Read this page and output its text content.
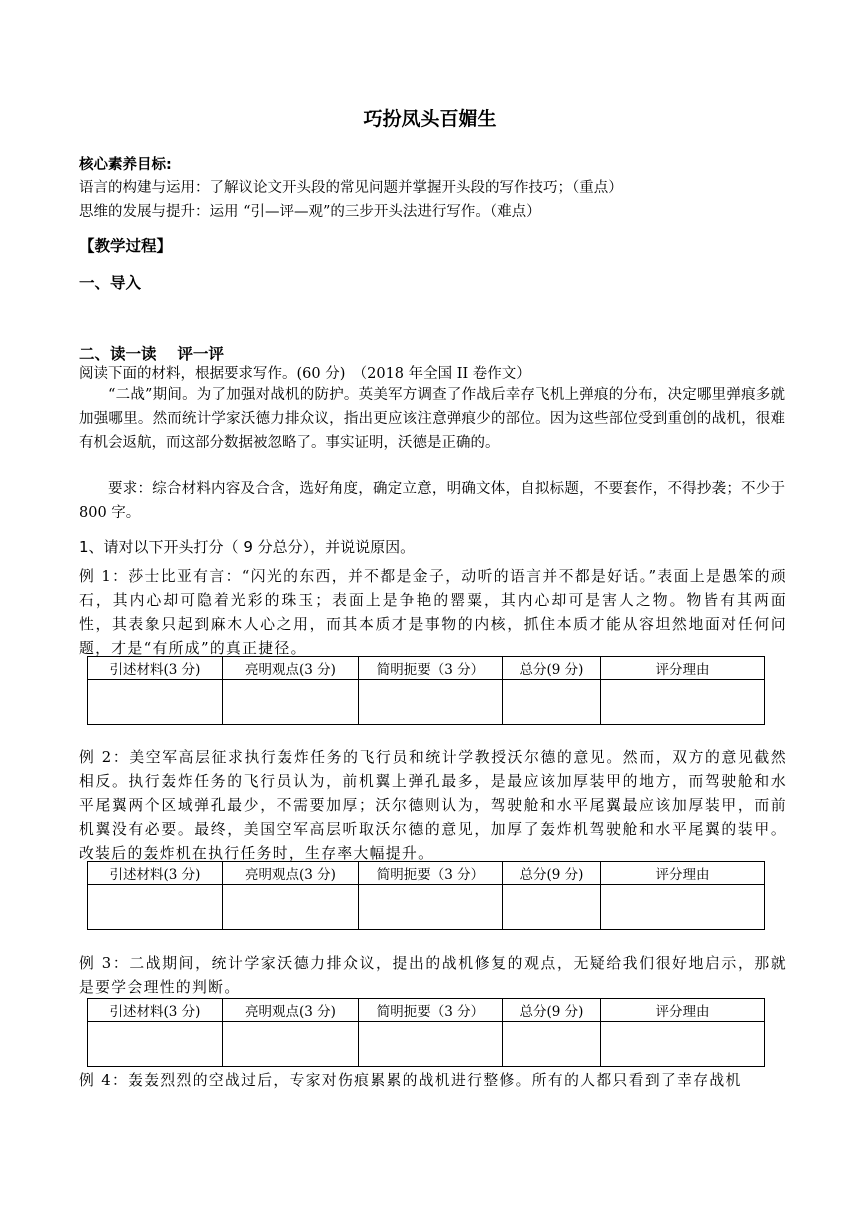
巧扮凤头百媚生
核心素养目标:
语言的构建与运用：了解议论文开头段的常见问题并掌握开头段的写作技巧；（重点）
思维的发展与提升：运用 “引—评—观”的三步开头法进行写作。（难点）
【教学过程】
一、导入
二、读一读　 评一评
阅读下面的材料，根据要求写作。(60 分)　（2018 年全国 II 卷作文）
“二战”期间。为了加强对战机的防护。英美军方调查了作战后幸存飞机上弹痕的分布，决定哪里弹痕多就加强哪里。然而统计学家沃德力排众议，指出更应该注意弹痕少的部位。因为这些部位受到重创的战机，很难有机会返航，而这部分数据被忽略了。事实证明，沃德是正确的。
要求：综合材料内容及合含，选好角度，确定立意，明确文体，自拟标题，不要套作，不得抄袭；不少于 800 字。
1、请对以下开头打分（ 9 分总分），并说说原因。
例 1：莎士比亚有言：“闪光的东西，并不都是金子，动听的语言并不都是好话。”表面上是愚笨的顽石，其内心却可隐着光彩的珠玉；表面上是争艳的罂粟，其内心却可是害人之物。物皆有其两面性，其表象只起到麻木人心之用，而其本质才是事物的内核，抓住本质才能从容坦然地面对任何问题，才是“有所成”的真正捷径。
引述材料(3 分)	亮明观点(3 分)	简明扼要（3 分）	总分(9 分)	评分理由

例 2：美空军高层征求执行轰炸任务的飞行员和统计学教授沃尔德的意见。然而，双方的意见截然相反。执行轰炸任务的飞行员认为，前机翼上弹孔最多，是最应该加厚装甲的地方，而驾驶舱和水平尾翼两个区域弹孔最少，不需要加厚；沃尔德则认为，驾驶舱和水平尾翼最应该加厚装甲，而前机翼没有必要。最终，美国空军高层听取沃尔德的意见，加厚了轰炸机驾驶舱和水平尾翼的装甲。改装后的轰炸机在执行任务时，生存率大幅提升。
引述材料(3 分)	亮明观点(3 分)	简明扼要（3 分）	总分(9 分)	评分理由

例 3：二战期间，统计学家沃德力排众议，提出的战机修复的观点，无疑给我们很好地启示，那就是要学会理性的判断。
引述材料(3 分)	亮明观点(3 分)	简明扼要（3 分）	总分(9 分)	评分理由

例 4：轰轰烈烈的空战过后，专家对伤痕累累的战机进行整修。所有的人都只看到了幸存战机
